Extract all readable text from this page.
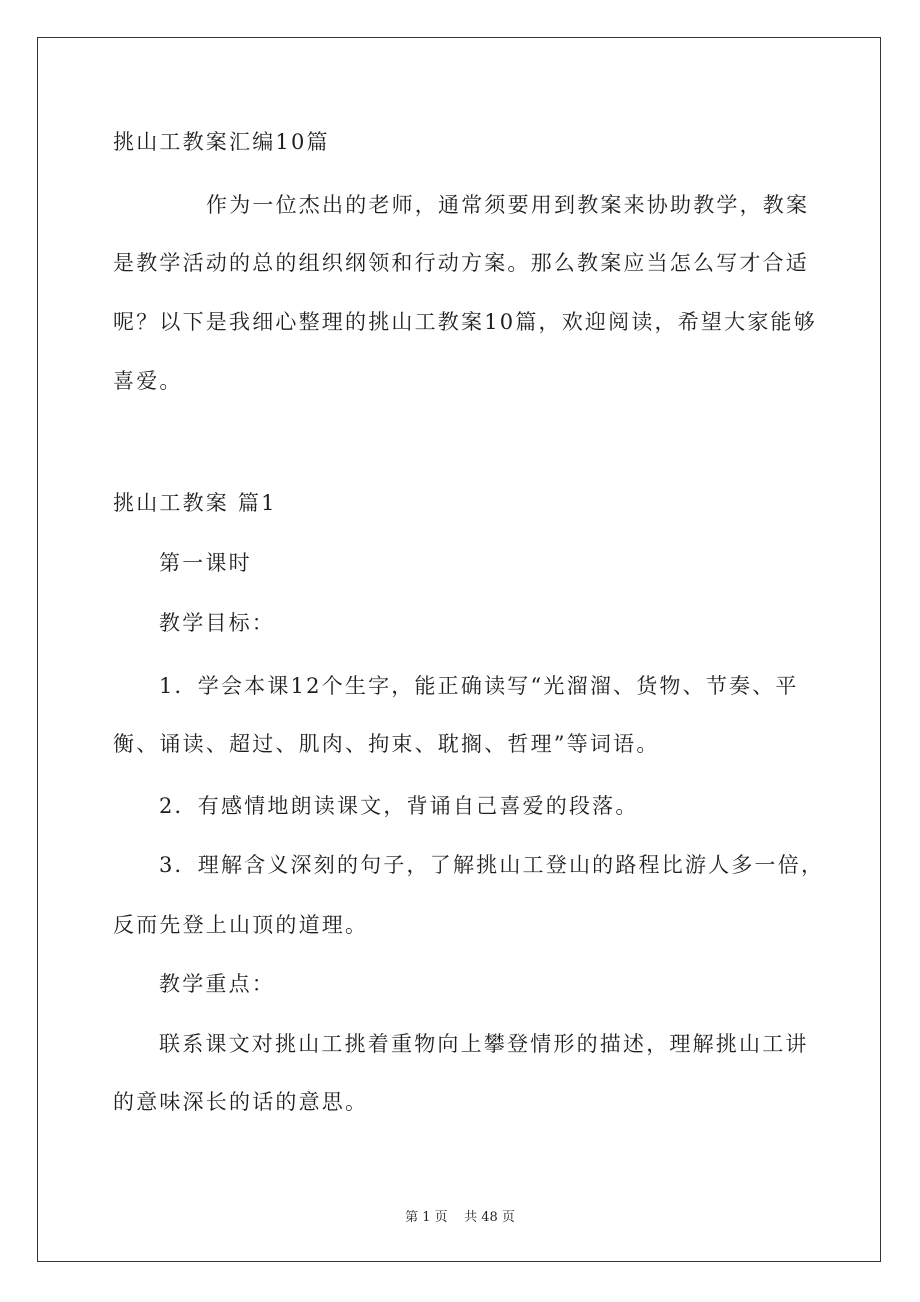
挑山工教案汇编10篇
作为一位杰出的老师，通常须要用到教案来协助教学，教案
是教学活动的总的组织纲领和行动方案。那么教案应当怎么写才合适
呢？以下是我细心整理的挑山工教案10篇，欢迎阅读，希望大家能够
喜爱。
挑山工教案 篇1
第一课时
教学目标：
1．学会本课12个生字，能正确读写“光溜溜、货物、节奏、平
衡、诵读、超过、肌肉、拘束、耽搁、哲理”等词语。
2．有感情地朗读课文，背诵自己喜爱的段落。
3．理解含义深刻的句子，了解挑山工登山的路程比游人多一倍，
反而先登上山顶的道理。
教学重点：
联系课文对挑山工挑着重物向上攀登情形的描述，理解挑山工讲
的意味深长的话的意思。
第 1 页    共 48 页
